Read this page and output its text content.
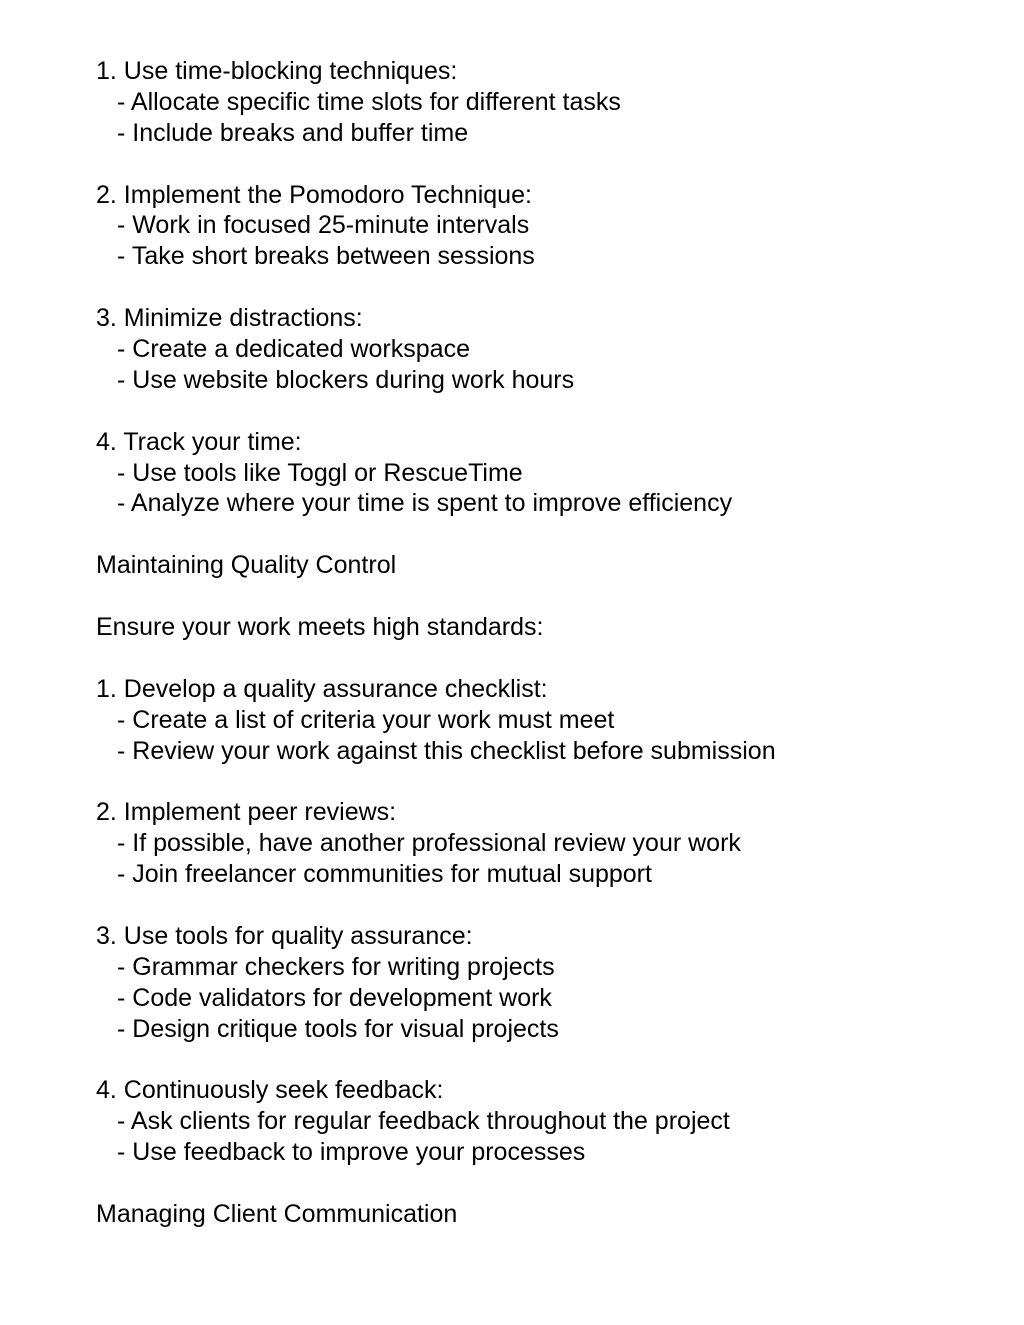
1. Use time-blocking techniques:
- Allocate specific time slots for different tasks
- Include breaks and buffer time
2. Implement the Pomodoro Technique:
- Work in focused 25-minute intervals
- Take short breaks between sessions
3. Minimize distractions:
- Create a dedicated workspace
- Use website blockers during work hours
4. Track your time:
- Use tools like Toggl or RescueTime
- Analyze where your time is spent to improve efficiency
Maintaining Quality Control
Ensure your work meets high standards:
1. Develop a quality assurance checklist:
- Create a list of criteria your work must meet
- Review your work against this checklist before submission
2. Implement peer reviews:
- If possible, have another professional review your work
- Join freelancer communities for mutual support
3. Use tools for quality assurance:
- Grammar checkers for writing projects
- Code validators for development work
- Design critique tools for visual projects
4. Continuously seek feedback:
- Ask clients for regular feedback throughout the project
- Use feedback to improve your processes
Managing Client Communication
